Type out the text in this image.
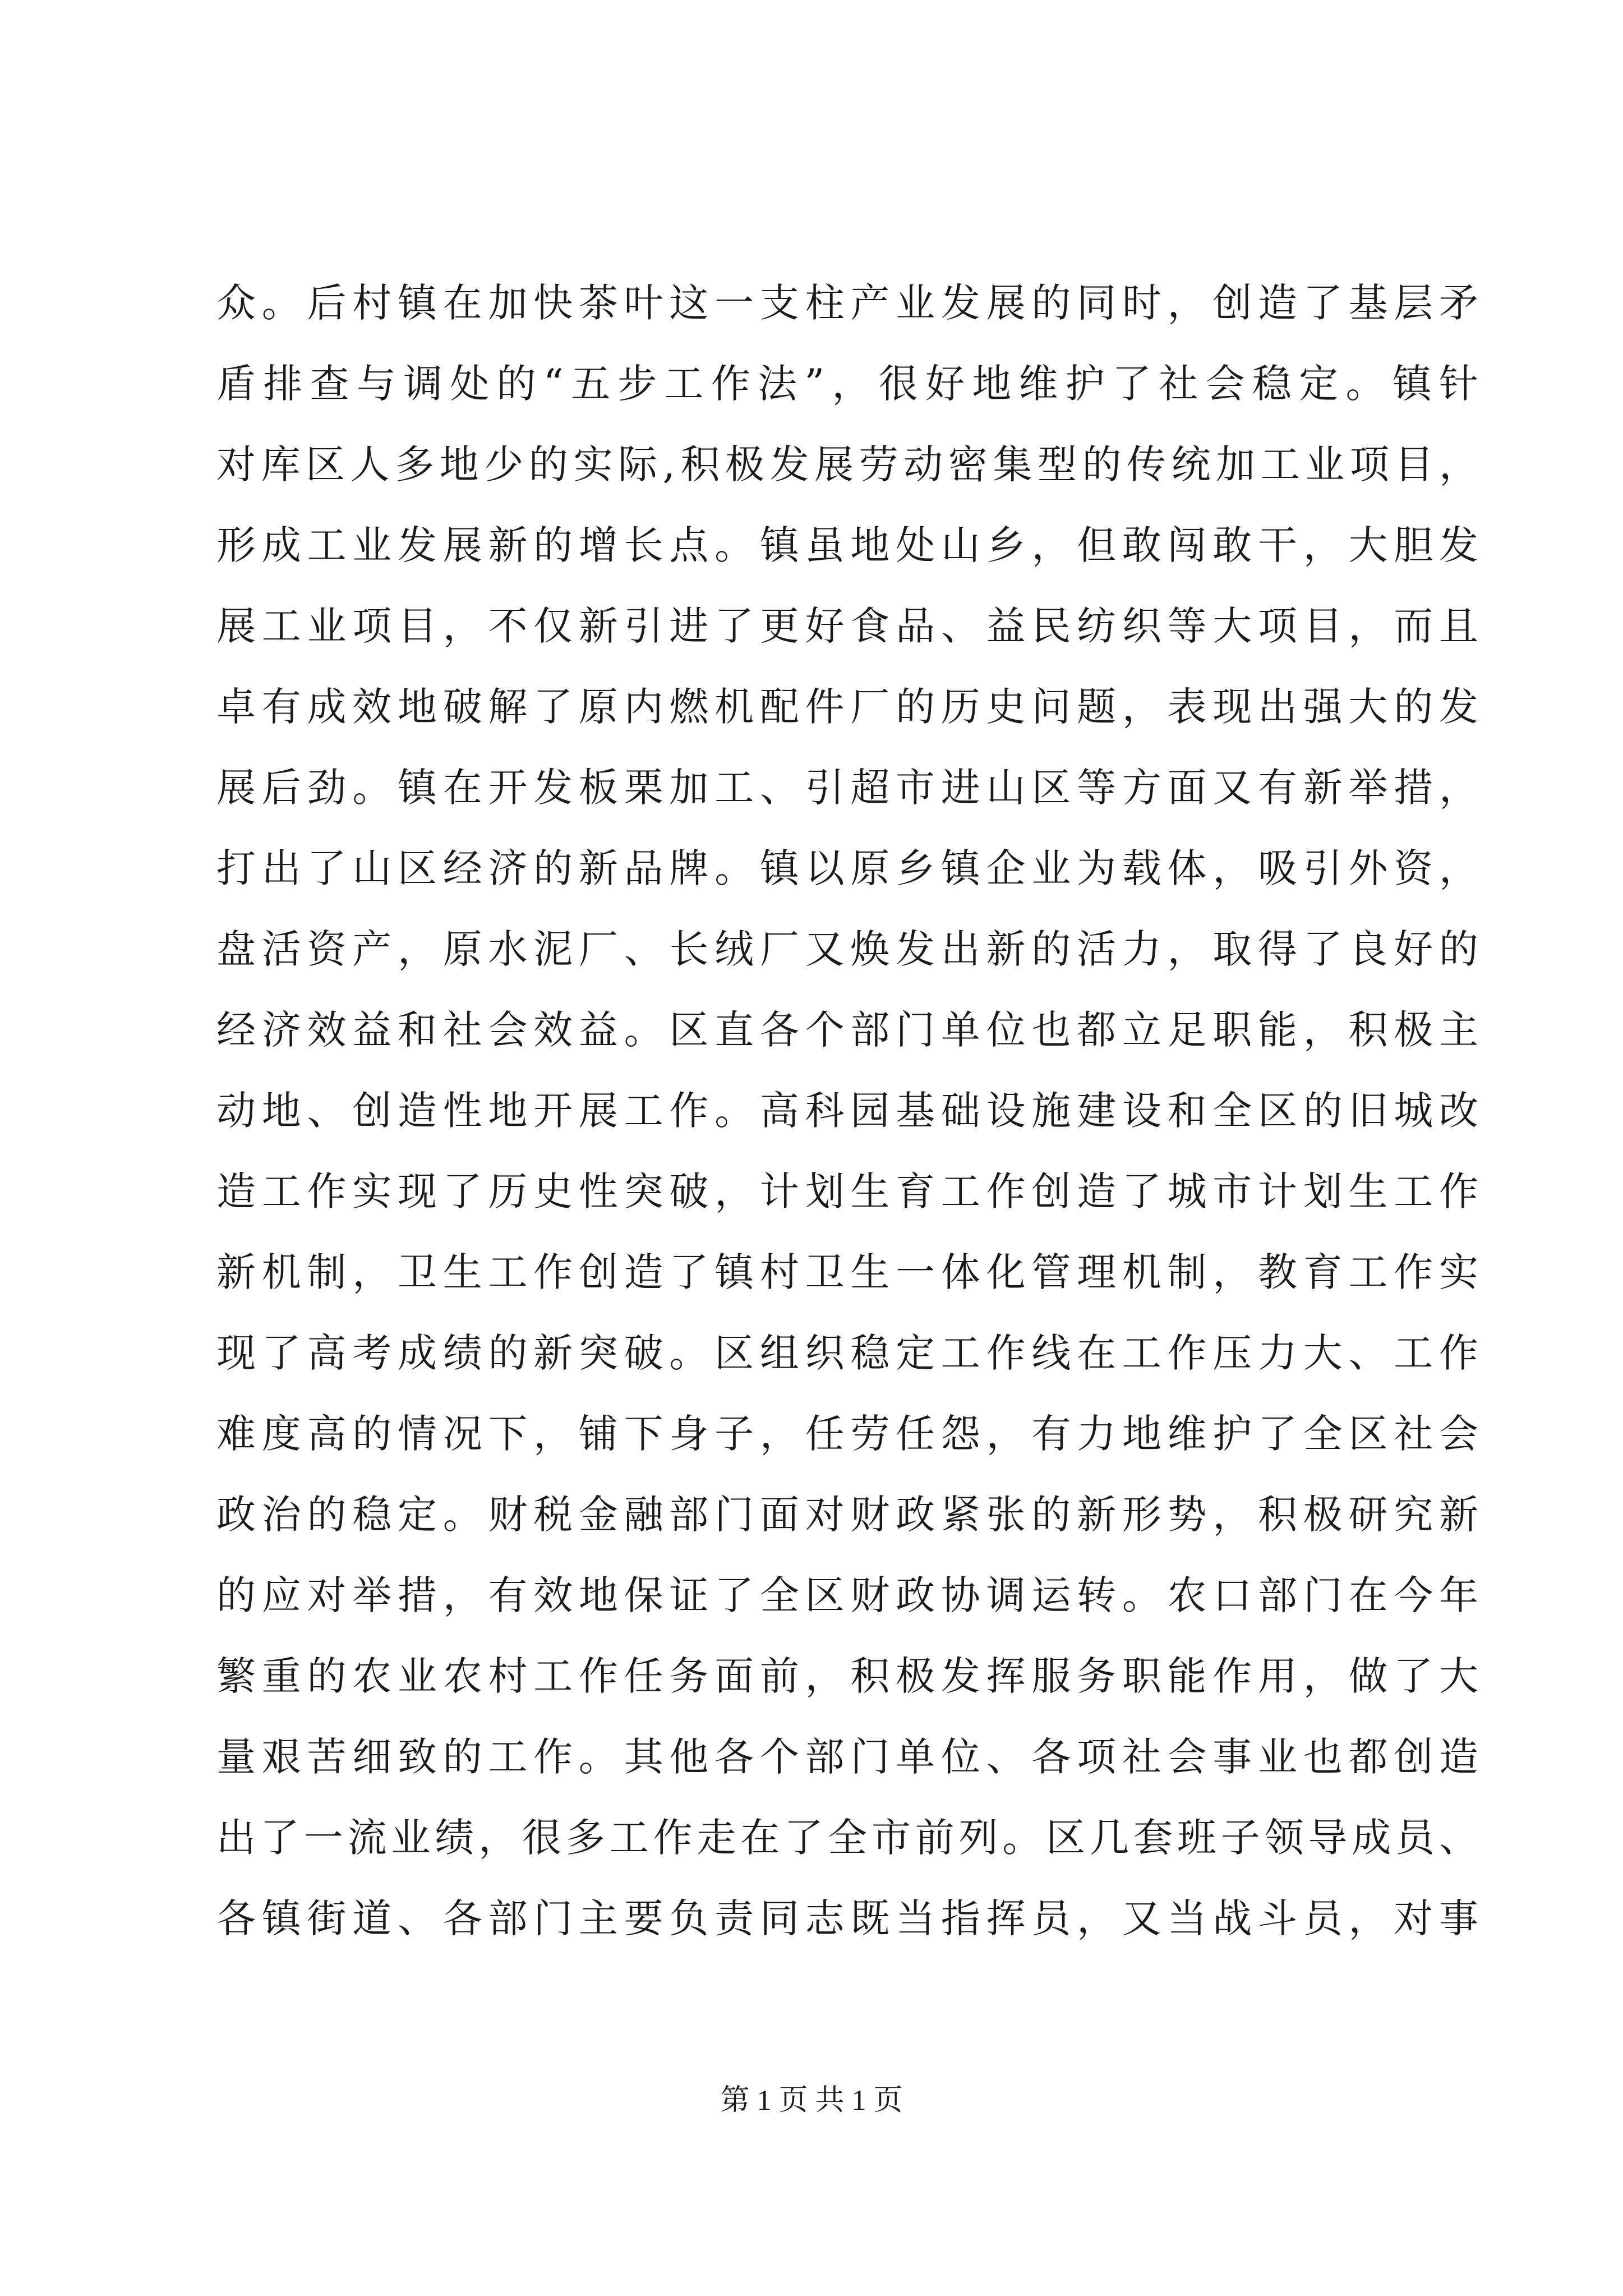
众。后村镇在加快茶叶这一支柱产业发展的同时，创造了基层矛
盾排查与调处的“五步工作法”，很好地维护了社会稳定。镇针
对库区人多地少的实际,积极发展劳动密集型的传统加工业项目，
形成工业发展新的增长点。镇虽地处山乡，但敢闯敢干，大胆发
展工业项目，不仅新引进了更好食品、益民纺织等大项目，而且
卓有成效地破解了原内燃机配件厂的历史问题，表现出强大的发
展后劲。镇在开发板栗加工、引超市进山区等方面又有新举措，
打出了山区经济的新品牌。镇以原乡镇企业为载体，吸引外资，
盘活资产，原水泥厂、长绒厂又焕发出新的活力，取得了良好的
经济效益和社会效益。区直各个部门单位也都立足职能，积极主
动地、创造性地开展工作。高科园基础设施建设和全区的旧城改
造工作实现了历史性突破，计划生育工作创造了城市计划生工作
新机制，卫生工作创造了镇村卫生一体化管理机制，教育工作实
现了高考成绩的新突破。区组织稳定工作线在工作压力大、工作
难度高的情况下，铺下身子，任劳任怨，有力地维护了全区社会
政治的稳定。财税金融部门面对财政紧张的新形势，积极研究新
的应对举措，有效地保证了全区财政协调运转。农口部门在今年
繁重的农业农村工作任务面前，积极发挥服务职能作用，做了大
量艰苦细致的工作。其他各个部门单位、各项社会事业也都创造
出了一流业绩，很多工作走在了全市前列。区几套班子领导成员、
各镇街道、各部门主要负责同志既当指挥员，又当战斗员，对事
第 1 页 共 1 页
